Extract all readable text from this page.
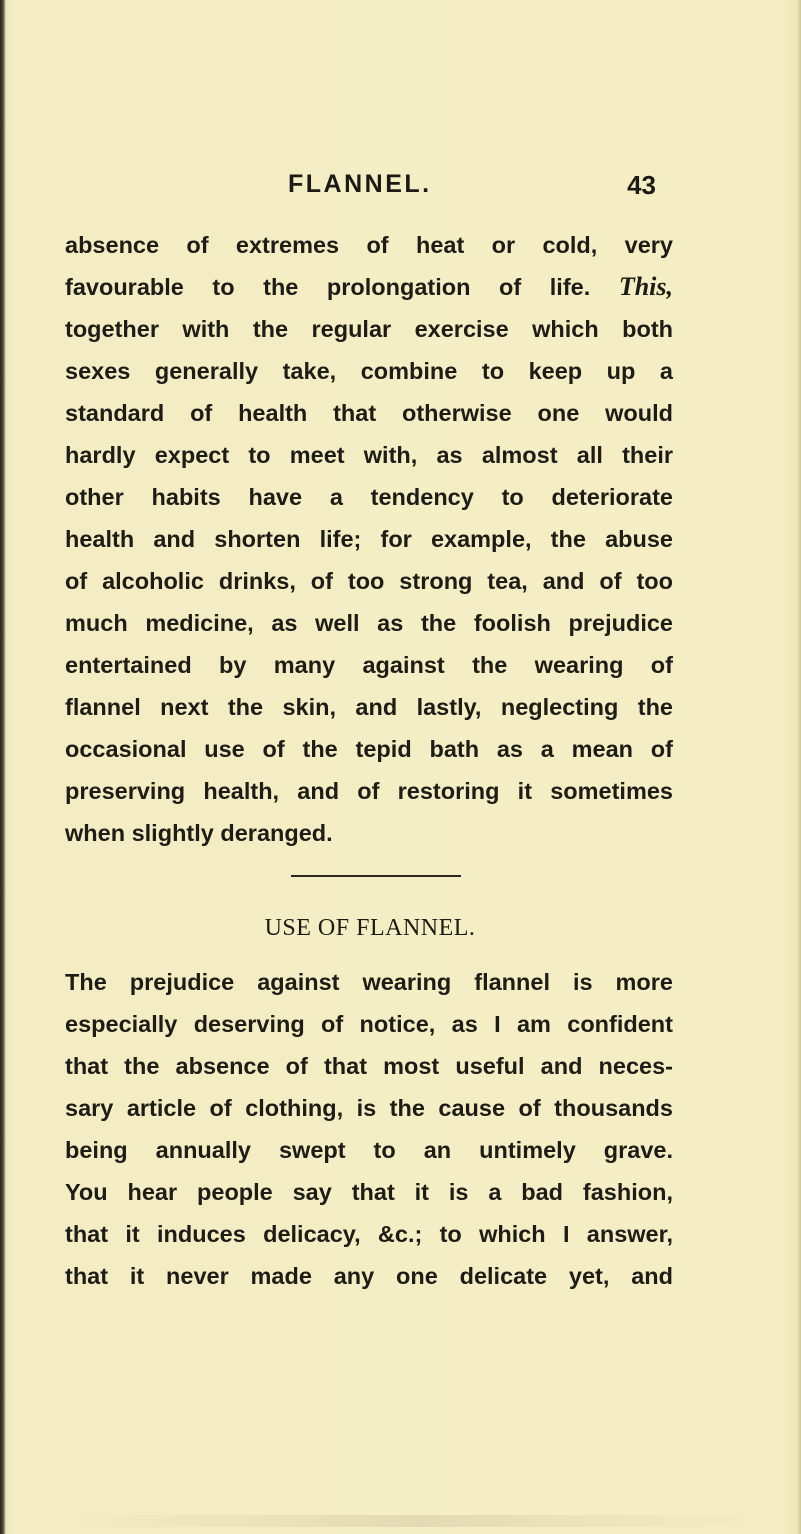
FLANNEL.	43
absence of extremes of heat or cold, very
favourable to the prolongation of life. This,
together with the regular exercise which both
sexes generally take, combine to keep up a
standard of health that otherwise one would
hardly expect to meet with, as almost all their
other habits have a tendency to deteriorate
health and shorten life; for example, the abuse
of alcoholic drinks, of too strong tea, and of too
much medicine, as well as the foolish prejudice
entertained by many against the wearing of
flannel next the skin, and lastly, neglecting the
occasional use of the tepid bath as a mean of
preserving health, and of restoring it sometimes
when slightly deranged.
USE OF FLANNEL.
The prejudice against wearing flannel is more
especially deserving of notice, as I am confident
that the absence of that most useful and neces-
sary article of clothing, is the cause of thousands
being annually swept to an untimely grave.
You hear people say that it is a bad fashion,
that it induces delicacy, &c.; to which I answer,
that it never made any one delicate yet, and
